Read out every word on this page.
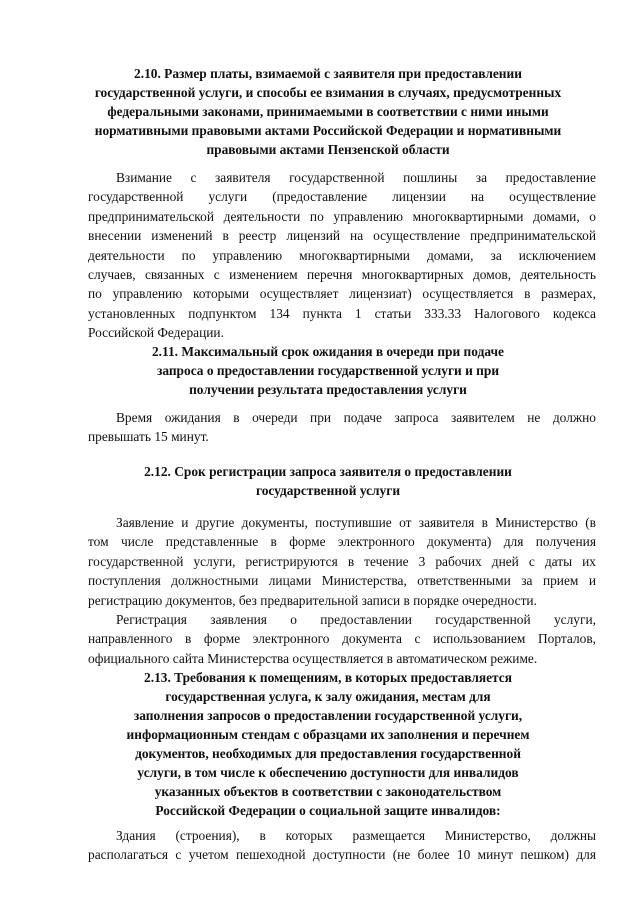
2.10. Размер платы, взимаемой с заявителя при предоставлении
государственной услуги, и способы ее взимания в случаях, предусмотренных
федеральными законами, принимаемыми в соответствии с ними иными
нормативными правовыми актами Российской Федерации и нормативными
правовыми актами Пензенской области
Взимание с заявителя государственной пошлины за предоставление
государственной услуги (предоставление лицензии на осуществление
предпринимательской деятельности по управлению многоквартирными домами, о
внесении изменений в реестр лицензий на осуществление предпринимательской
деятельности по управлению многоквартирными домами, за исключением
случаев, связанных с изменением перечня многоквартирных домов, деятельность
по управлению которыми осуществляет лицензиат) осуществляется в размерах,
установленных подпунктом 134 пункта 1 статьи 333.33 Налогового кодекса
Российской Федерации.
2.11. Максимальный срок ожидания в очереди при подаче
запроса о предоставлении государственной услуги и при
получении результата предоставления услуги
Время ожидания в очереди при подаче запроса заявителем не должно
превышать 15 минут.
2.12. Срок регистрации запроса заявителя о предоставлении
государственной услуги
Заявление и другие документы, поступившие от заявителя в Министерство (в
том числе представленные в форме электронного документа) для получения
государственной услуги, регистрируются в течение 3 рабочих дней с даты их
поступления должностными лицами Министерства, ответственными за прием и
регистрацию документов, без предварительной записи в порядке очередности.
Регистрация заявления о предоставлении государственной услуги,
направленного в форме электронного документа с использованием Порталов,
официального сайта Министерства осуществляется в автоматическом режиме.
2.13. Требования к помещениям, в которых предоставляется
государственная услуга, к залу ожидания, местам для
заполнения запросов о предоставлении государственной услуги,
информационным стендам с образцами их заполнения и перечнем
документов, необходимых для предоставления государственной
услуги, в том числе к обеспечению доступности для инвалидов
указанных объектов в соответствии с законодательством
Российской Федерации о социальной защите инвалидов:
Здания (строения), в которых размещается Министерство, должны
располагаться с учетом пешеходной доступности (не более 10 минут пешком) для
